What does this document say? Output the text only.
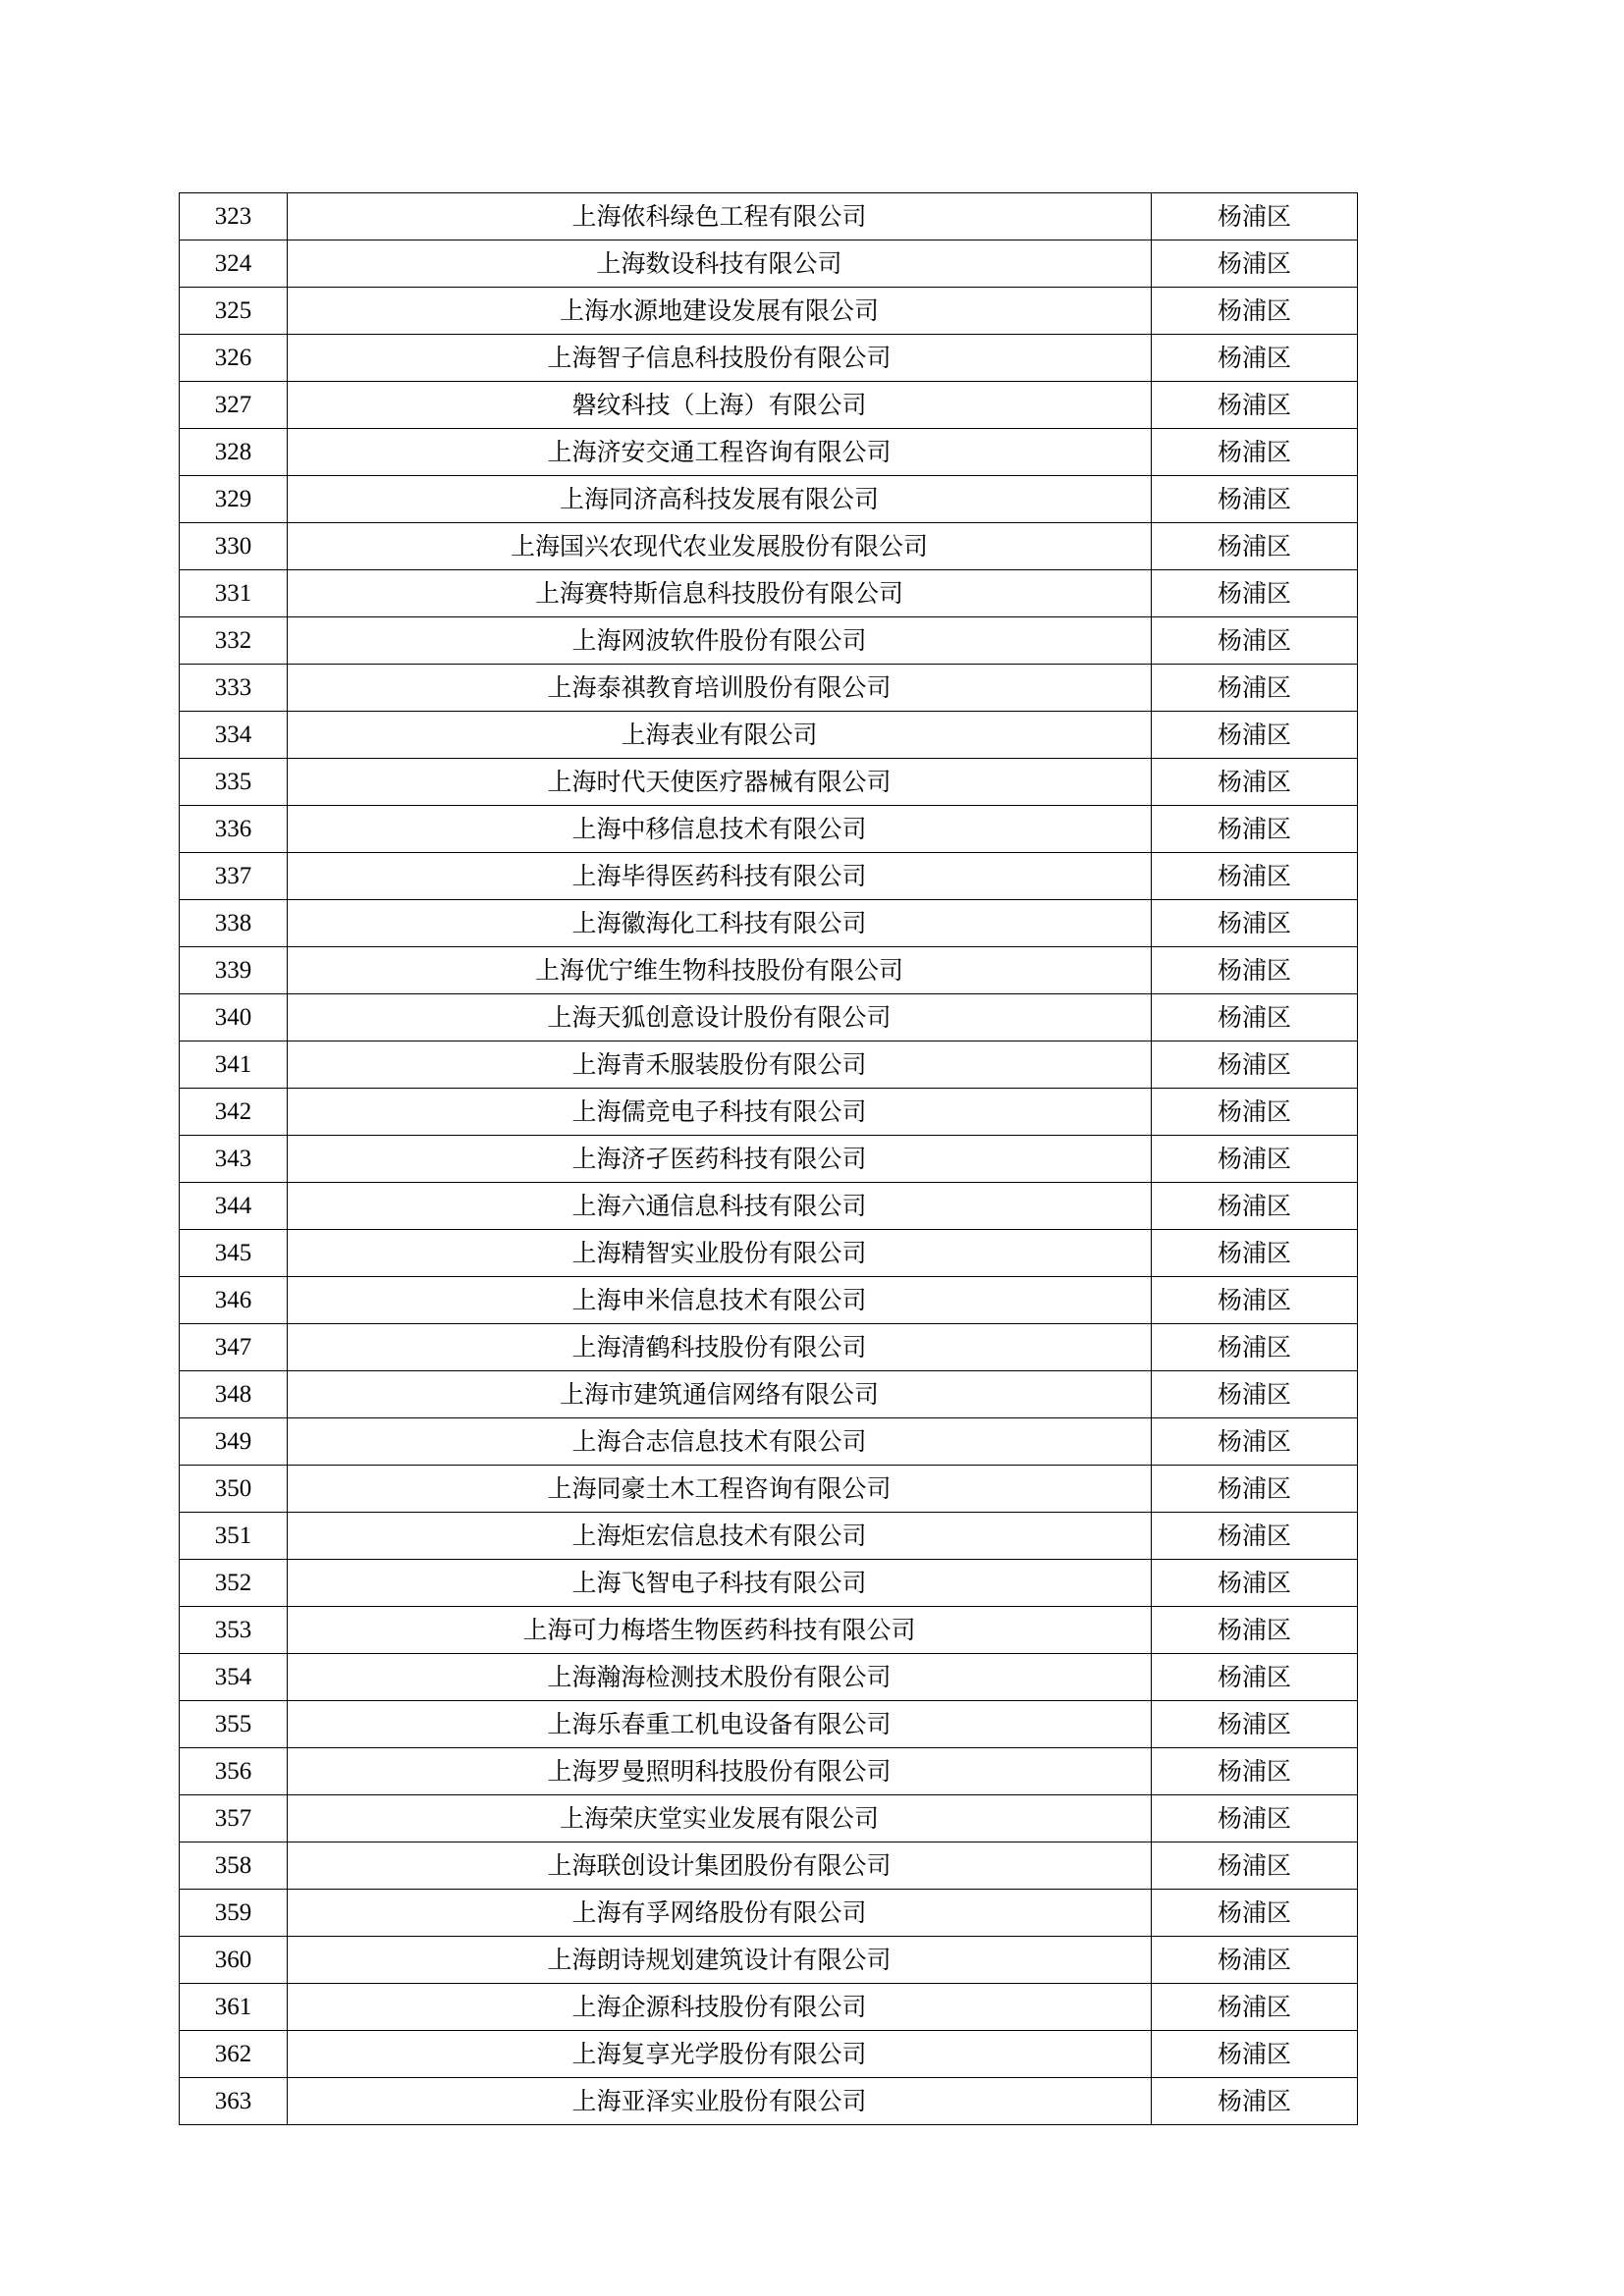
323	上海侬科绿色工程有限公司	杨浦区
324	上海数设科技有限公司	杨浦区
325	上海水源地建设发展有限公司	杨浦区
326	上海智子信息科技股份有限公司	杨浦区
327	磐纹科技（上海）有限公司	杨浦区
328	上海济安交通工程咨询有限公司	杨浦区
329	上海同济高科技发展有限公司	杨浦区
330	上海国兴农现代农业发展股份有限公司	杨浦区
331	上海赛特斯信息科技股份有限公司	杨浦区
332	上海网波软件股份有限公司	杨浦区
333	上海泰祺教育培训股份有限公司	杨浦区
334	上海表业有限公司	杨浦区
335	上海时代天使医疗器械有限公司	杨浦区
336	上海中移信息技术有限公司	杨浦区
337	上海毕得医药科技有限公司	杨浦区
338	上海徽海化工科技有限公司	杨浦区
339	上海优宁维生物科技股份有限公司	杨浦区
340	上海天狐创意设计股份有限公司	杨浦区
341	上海青禾服装股份有限公司	杨浦区
342	上海儒竞电子科技有限公司	杨浦区
343	上海济孑医药科技有限公司	杨浦区
344	上海六通信息科技有限公司	杨浦区
345	上海精智实业股份有限公司	杨浦区
346	上海申米信息技术有限公司	杨浦区
347	上海清鹤科技股份有限公司	杨浦区
348	上海市建筑通信网络有限公司	杨浦区
349	上海合志信息技术有限公司	杨浦区
350	上海同豪土木工程咨询有限公司	杨浦区
351	上海炬宏信息技术有限公司	杨浦区
352	上海飞智电子科技有限公司	杨浦区
353	上海可力梅塔生物医药科技有限公司	杨浦区
354	上海瀚海检测技术股份有限公司	杨浦区
355	上海乐春重工机电设备有限公司	杨浦区
356	上海罗曼照明科技股份有限公司	杨浦区
357	上海荣庆堂实业发展有限公司	杨浦区
358	上海联创设计集团股份有限公司	杨浦区
359	上海有孚网络股份有限公司	杨浦区
360	上海朗诗规划建筑设计有限公司	杨浦区
361	上海企源科技股份有限公司	杨浦区
362	上海复享光学股份有限公司	杨浦区
363	上海亚泽实业股份有限公司	杨浦区
